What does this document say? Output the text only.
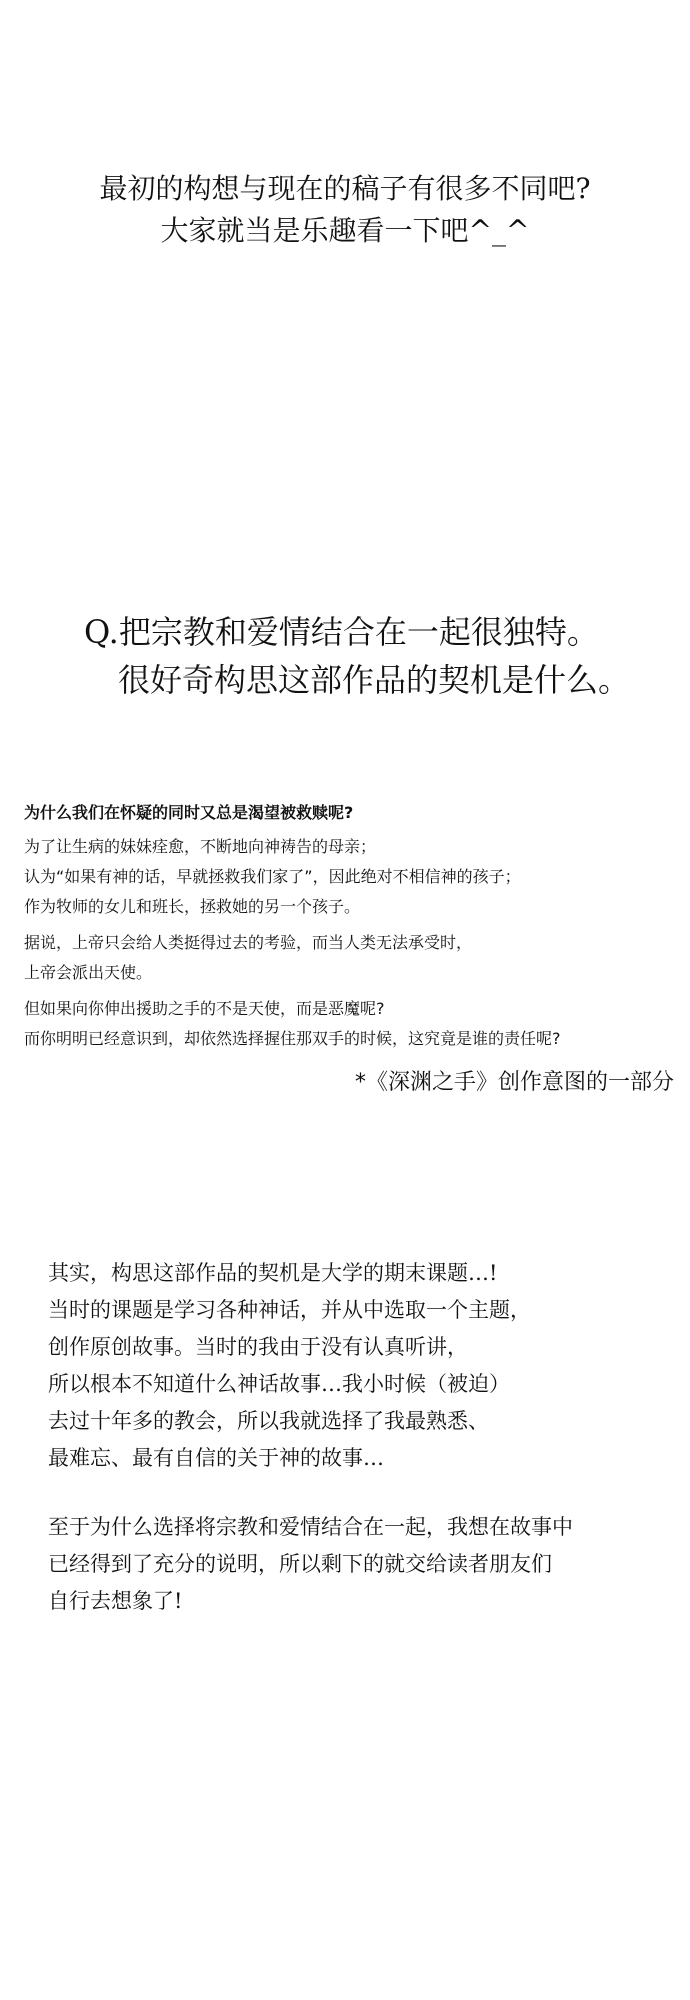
最初的构想与现在的稿子有很多不同吧?
大家就当是乐趣看一下吧^_^
Q.把宗教和爱情结合在一起很独特。
很好奇构思这部作品的契机是什么。
为什么我们在怀疑的同时又总是渴望被救赎呢?
为了让生病的妹妹痊愈，不断地向神祷告的母亲；
认为“如果有神的话，早就拯救我们家了”，因此绝对不相信神的孩子；
作为牧师的女儿和班长，拯救她的另一个孩子。
据说，上帝只会给人类挺得过去的考验，而当人类无法承受时，
上帝会派出天使。
但如果向你伸出援助之手的不是天使，而是恶魔呢?
而你明明已经意识到，却依然选择握住那双手的时候，这究竟是谁的责任呢?
*《深渊之手》创作意图的一部分
其实，构思这部作品的契机是大学的期末课题…!
当时的课题是学习各种神话，并从中选取一个主题，
创作原创故事。当时的我由于没有认真听讲，
所以根本不知道什么神话故事…我小时候（被迫）
去过十年多的教会，所以我就选择了我最熟悉、
最难忘、最有自信的关于神的故事…
至于为什么选择将宗教和爱情结合在一起，我想在故事中
已经得到了充分的说明，所以剩下的就交给读者朋友们
自行去想象了!
